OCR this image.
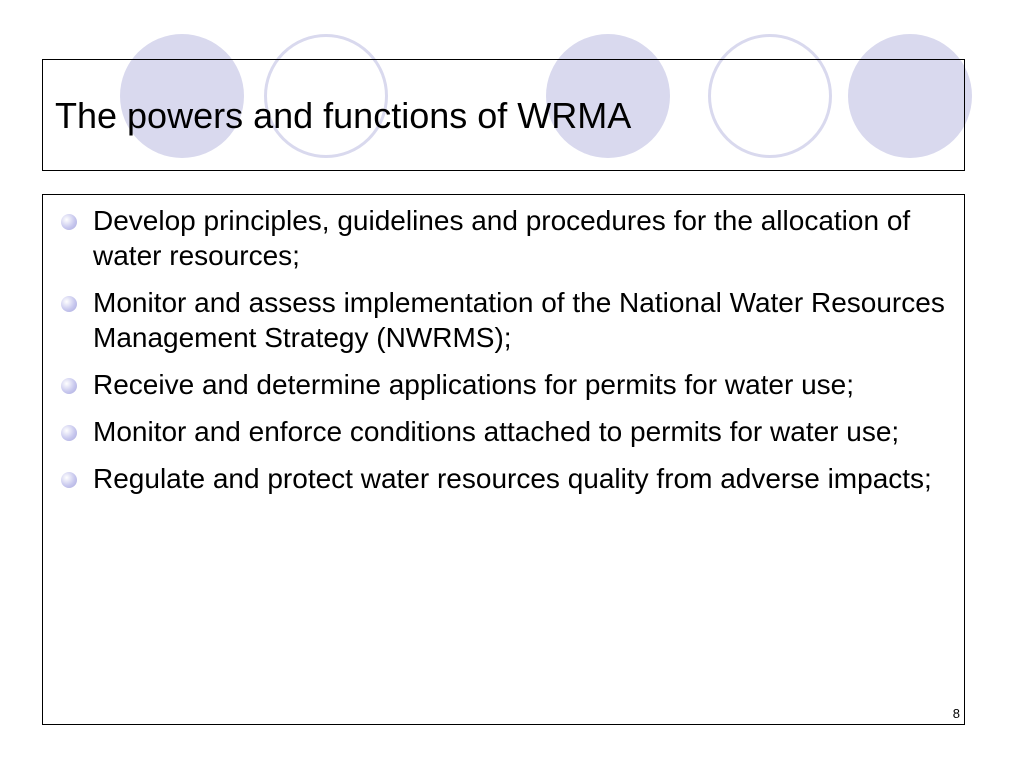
The powers and functions of WRMA
Develop principles, guidelines and procedures for the allocation of water resources;
Monitor and assess implementation of the National Water Resources Management Strategy (NWRMS);
Receive and determine applications for permits for water use;
Monitor and enforce conditions attached to permits for water use;
Regulate and protect water resources quality from adverse impacts;
8
